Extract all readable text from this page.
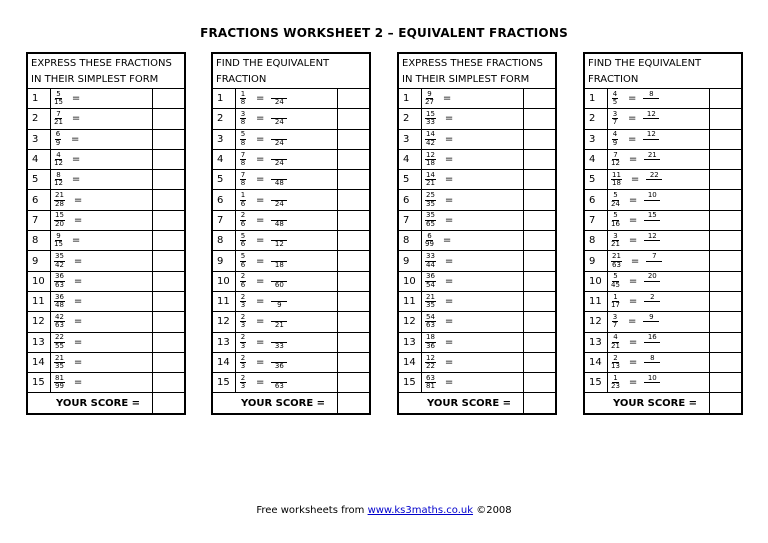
FRACTIONS WORKSHEET 2 – EQUIVALENT FRACTIONS
EXPRESS THESE FRACTIONS
IN THEIR SIMPLEST FORM
1	$\frac{5}{15}$ =
2	$\frac{7}{21}$ =
3	$\frac{6}{9}$ =
4	$\frac{4}{12}$ =
5	$\frac{8}{12}$ =
6	$\frac{21}{28}$ =
7	$\frac{15}{20}$ =
8	$\frac{9}{15}$ =
9	$\frac{35}{42}$ =
10	$\frac{36}{63}$ =
11	$\frac{36}{48}$ =
12	$\frac{42}{63}$ =
13	$\frac{22}{55}$ =
14	$\frac{21}{35}$ =
15	$\frac{81}{99}$ =
YOUR SCORE =
FIND THE EQUIVALENT
FRACTION
1	$\frac{1}{8} = 24$
2	$\frac{3}{8} = 24$
3	$\frac{5}{8} = 24$
4	$\frac{7}{8} = 24$
5	$\frac{7}{8} = 48$
6	$\frac{1}{6} = 24$
7	$\frac{2}{6} = 48$
8	$\frac{5}{6} = 12$
9	$\frac{5}{6} = 18$
10	$\frac{2}{6} = 60$
11	$\frac{2}{3} = 9$
12	$\frac{2}{3} = 21$
13	$\frac{2}{3} = 33$
14	$\frac{2}{3} = 36$
15	$\frac{2}{3} = 63$
YOUR SCORE =
EXPRESS THESE FRACTIONS
IN THEIR SIMPLEST FORM
1	$\frac{9}{27}$ =
2	$\frac{15}{33}$ =
3	$\frac{14}{42}$ =
4	$\frac{12}{18}$ =
5	$\frac{14}{21}$ =
6	$\frac{25}{35}$ =
7	$\frac{35}{65}$ =
8	$\frac{6}{99}$ =
9	$\frac{33}{44}$ =
10	$\frac{36}{54}$ =
11	$\frac{21}{35}$ =
12	$\frac{54}{63}$ =
13	$\frac{18}{36}$ =
14	$\frac{12}{22}$ =
15	$\frac{63}{81}$ =
YOUR SCORE =
FIND THE EQUIVALENT
FRACTION
1	$\frac{4}{5}$ =	8
2	$\frac{3}{7}$ =	12
3	$\frac{4}{9}$ =	12
4	$\frac{7}{12}$ =	21
5	$\frac{11}{18}$ =	22
6	$\frac{5}{24}$ =	10
7	$\frac{5}{16}$ =	15
8	$\frac{3}{21}$ =	12
9	$\frac{21}{63}$ =	7
10	$\frac{5}{45}$ =	20
11	$\frac{1}{17}$ =	2
12	$\frac{3}{7}$ =	9
13	$\frac{4}{21}$ =	16
14	$\frac{2}{13}$ =	8
15	$\frac{1}{23}$ =	10
YOUR SCORE =
Free worksheets from www.ks3maths.co.uk ©2008
